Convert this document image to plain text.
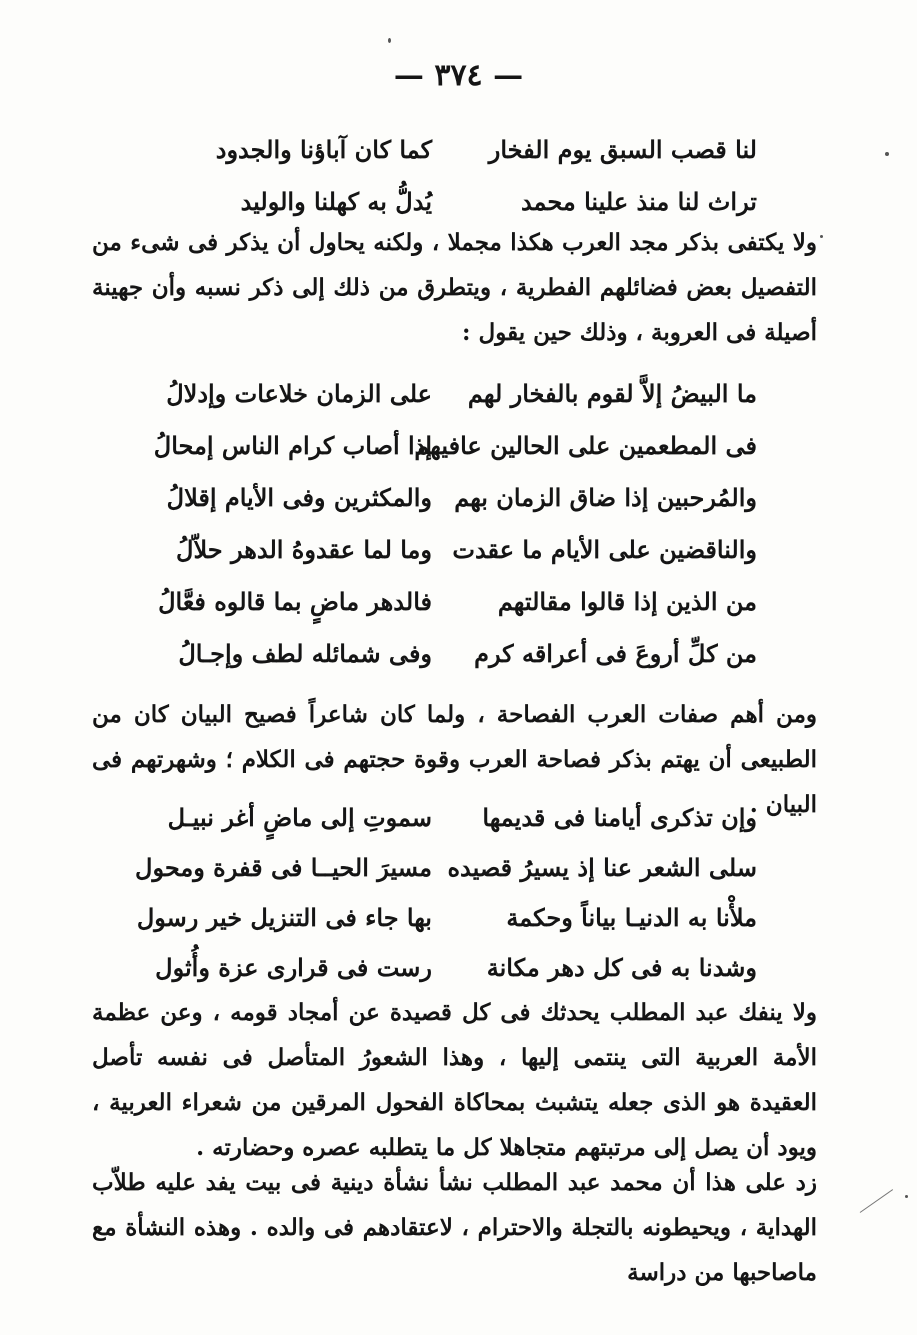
— ٣٧٤ —
لنا قصب السبق يوم الفخار
كما كان آباؤنا والجدود
تراث لنا منذ علينا محمد
يُدلُّ به كهلنا والوليد

ولا يكتفى بذكر مجد العرب هكذا مجملا ، ولكنه يحاول أن يذكر فى شىء من التفصيل بعض فضائلهم الفطرية ، ويتطرق من ذلك إلى ذكر نسبه وأن جهينة أصيلة فى العروبة ، وذلك حين يقول :

ما البيضُ إلاَّ لقوم بالفخار لهم
على الزمان خلاعات وإدلالُ
فى المطعمين على الحالين عافيهم
إذا أصاب كرام الناس إمحالُ
والمُرحبين إذا ضاق الزمان بهم
والمكثرين وفى الأيام إقلالُ
والناقضين على الأيام ما عقدت
وما لما عقدوهُ الدهر حلاّلُ
من الذين إذا قالوا مقالتهم
فالدهر ماضٍ بما قالوه فعَّالُ
من كلِّ أروعَ فى أعراقه كرم
وفى شمائله لطف وإجـالُ

ومن أهم صفات العرب الفصاحة ، ولما كان شاعراً فصيح البيان كان من الطبيعى أن يهتم بذكر فصاحة العرب وقوة حجتهم فى الكلام ؛ وشهرتهم فى البيان .

وإن تذكرى أيامنا فى قديمها
سموتِ إلى ماضٍ أغر نبيـل
سلى الشعر عنا إذ يسيرُ قصيده
مسيرَ الحيــا فى قفرة ومحول
ملأْنا به الدنيـا بياناً وحكمة
بها جاء فى التنزيل خير رسول
وشدنا به فى كل دهر مكانة
رست فى قرارى عزة وأُثول

ولا ينفك عبد المطلب يحدثك فى كل قصيدة عن أمجاد قومه ، وعن عظمة الأمة العربية التى ينتمى إليها ، وهذا الشعورُ المتأصل فى نفسه تأصل العقيدة هو الذى جعله يتشبث بمحاكاة الفحول المرقين من شعراء العربية ، ويود أن يصل إلى مرتبتهم متجاهلا كل ما يتطلبه عصره وحضارته .

زد على هذا أن محمد عبد المطلب نشأ نشأة دينية فى بيت يفد عليه طلاّب الهداية ، ويحيطونه بالتجلة والاحترام ، لاعتقادهم فى والده . وهذه النشأة مع ماصاحبها من دراسة
